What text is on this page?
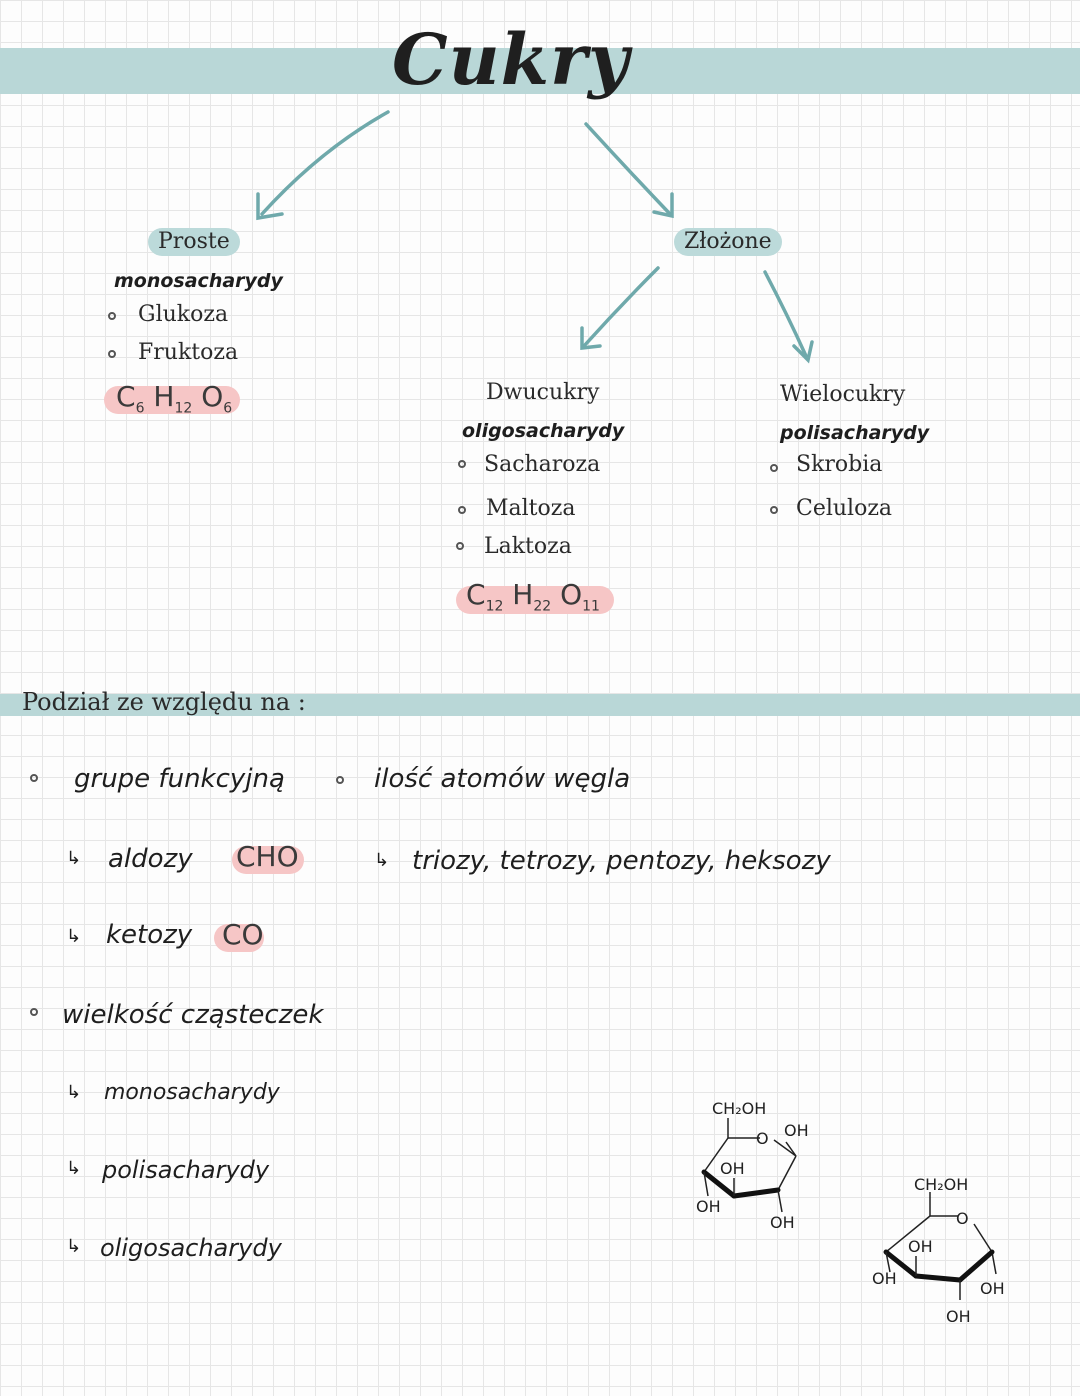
Cukry
Proste
monosacharydy
Glukoza
Fruktoza
$C_6$ $H_{12}$ $O_6$
Złożone
Dwucukry
oligosacharydy
Sacharoza
Maltoza
Laktoza
$C_{12}$ $H_{22}$ $O_{11}$
Wielocukry
polisacharydy
Skrobia
Celuloza
Podział ze względu na :
grupe funkcyjną
↳ aldozy CHO
↳ ketozy CO
ilość atomów węgla
↳ triozy, tetrozy, pentozy, heksozy
wielkość cząsteczek
↳ monosacharydy
↳ polisacharydy
↳ oligosacharydy
CH₂OH
O OH
OH
OH
OH
CH₂OH
O
OH
OH
OH
OH
